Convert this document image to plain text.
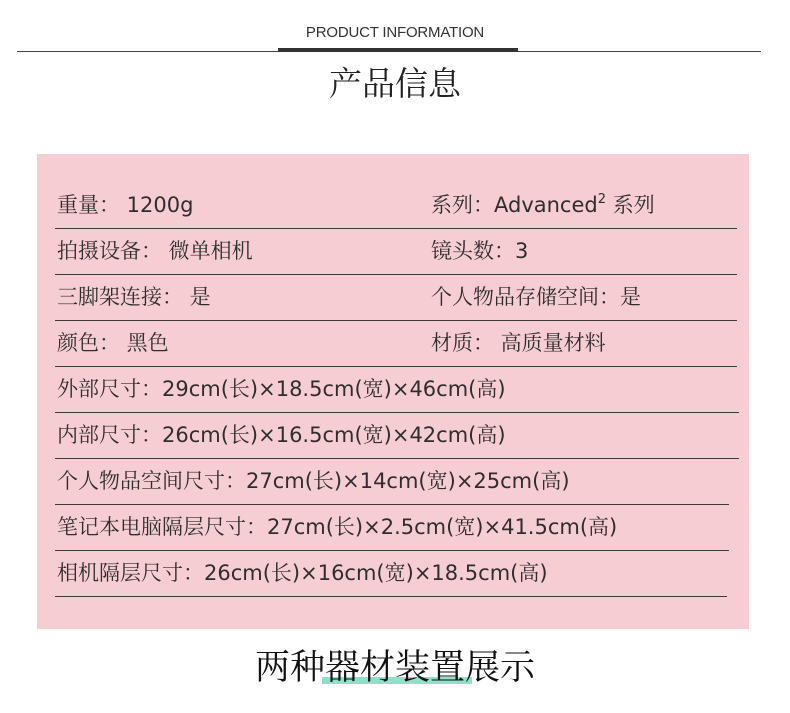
PRODUCT INFORMATION
产品信息
重量： 1200g	系列：Advanced$^2$ 系列
拍摄设备： 微单相机	镜头数：3
三脚架连接： 是	个人物品存储空间：是
颜色： 黑色	材质： 高质量材料
外部尺寸：29cm(长)×18.5cm(宽)×46cm(高)
内部尺寸：26cm(长)×16.5cm(宽)×42cm(高)
个人物品空间尺寸：27cm(长)×14cm(宽)×25cm(高)
笔记本电脑隔层尺寸：27cm(长)×2.5cm(宽)×41.5cm(高)
相机隔层尺寸：26cm(长)×16cm(宽)×18.5cm(高)
两种器材装置展示
